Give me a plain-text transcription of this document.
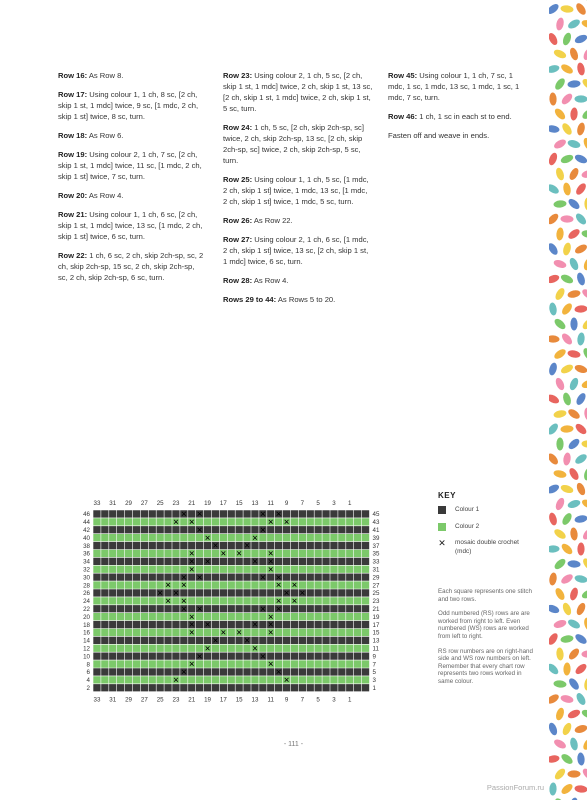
Row 16: As Row 8.

Row 17: Using colour 1, 1 ch, 8 sc, [2 ch, skip 1 st, 1 mdc] twice, 9 sc, [1 mdc, 2 ch, skip 1 st] twice, 8 sc, turn.

Row 18: As Row 6.

Row 19: Using colour 2, 1 ch, 7 sc, [2 ch, skip 1 st, 1 mdc] twice, 11 sc, [1 mdc, 2 ch, skip 1 st] twice, 7 sc, turn.

Row 20: As Row 4.

Row 21: Using colour 1, 1 ch, 6 sc, [2 ch, skip 1 st, 1 mdc] twice, 13 sc, [1 mdc, 2 ch, skip 1 st] twice, 6 sc, turn.

Row 22: 1 ch, 6 sc, 2 ch, skip 2ch-sp, sc, 2 ch, skip 2ch-sp, 15 sc, 2 ch, skip 2ch-sp, sc, 2 ch, skip 2ch-sp, 6 sc, turn.

Row 23: Using colour 2, 1 ch, 5 sc, [2 ch, skip 1 st, 1 mdc] twice, 2 ch, skip 1 st, 13 sc, [2 ch, skip 1 st, 1 mdc] twice, 2 ch, skip 1 st, 5 sc, turn.

Row 24: 1 ch, 5 sc, [2 ch, skip 2ch-sp, sc] twice, 2 ch, skip 2ch-sp, 13 sc, [2 ch, skip 2ch-sp, sc] twice, 2 ch, skip 2ch-sp, 5 sc, turn.

Row 25: Using colour 1, 1 ch, 5 sc, [1 mdc, 2 ch, skip 1 st] twice, 1 mdc, 13 sc, [1 mdc, 2 ch, skip 1 st] twice, 1 mdc, 5 sc, turn.

Row 26: As Row 22.

Row 27: Using colour 2, 1 ch, 6 sc, [1 mdc, 2 ch, skip 1 st] twice, 13 sc, [2 ch, skip 1 st, 1 mdc] twice, 6 sc, turn.

Row 28: As Row 4.

Rows 29 to 44: As Rows 5 to 20.

Row 45: Using colour 1, 1 ch, 7 sc, 1 mdc, 1 sc, 1 mdc, 13 sc, 1 mdc, 1 sc, 1 mdc, 7 sc, turn.

Row 46: 1 ch, 1 sc in each st to end.

Fasten off and weave in ends.

✕ ✕	✕ ✕
✕ ✕	✕ ✕
✕	✕
✕	✕
✕	✕
✕	✕ ✕	✕
✕ ✕	✕ ✕
✕	✕
✕ ✕	✕ ✕
✕ ✕	✕ ✕
✕ ✕	✕ ✕
✕ ✕	✕ ✕
✕ ✕	✕ ✕
✕	✕
✕ ✕	✕ ✕
✕	✕ ✕	✕
✕	✕
✕	✕
✕	✕
✕	✕
✕	✕
✕	✕
33
33
31
31
29
29
27
27
25
25
23
23
21
21
19
19
17
17
15
15
13
13
11
11
9
9
7
7
5
5
3
3
1
1
46
44
42
40
38
36
34
32
30
28
26
24
22
20
18
16
14
12
10
8
6
4
2
45
43
41
39
37
35
33
31
29
27
25
23
21
19
17
15
13
11
9
7
5
3
1
KEY
Colour 1
Colour 2
✕ mosaic double crochet (mdc)

Each square represents one stitch and two rows.

Odd numbered (RS) rows are are worked from right to left. Even numbered (WS) rows are worked from left to right.

RS row numbers are on right-hand side and WS row numbers on left. Remember that every chart row represents two rows worked in same colour.

- 111 -
PassionForum.ru
